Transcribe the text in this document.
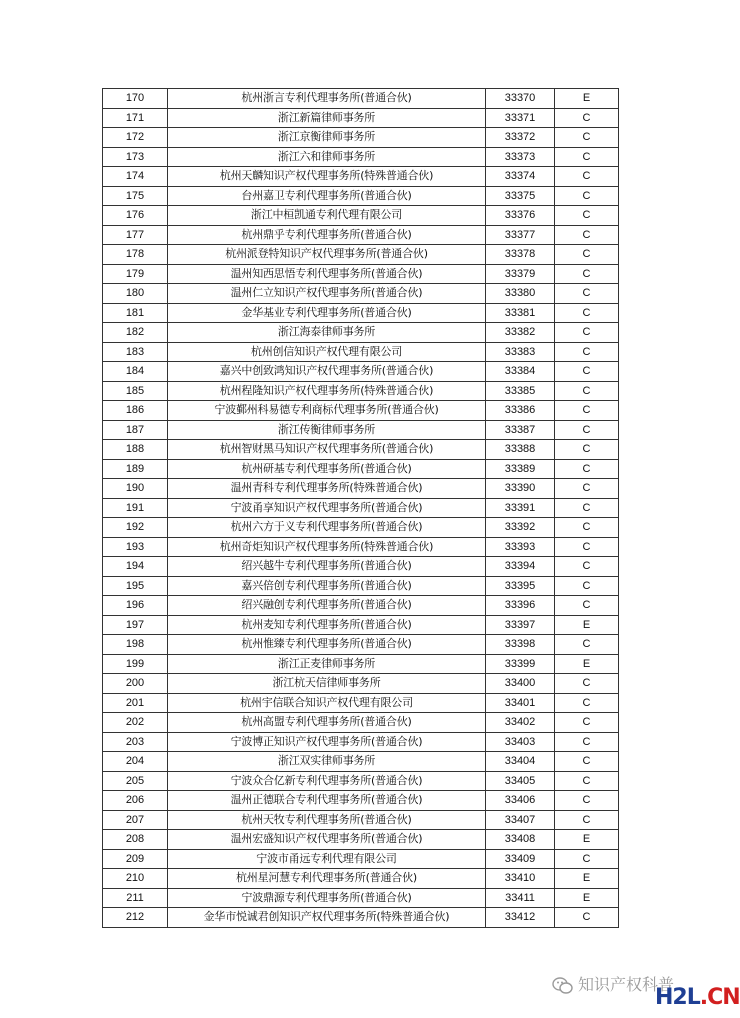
170	杭州浙言专利代理事务所(普通合伙)	33370	E
171	浙江新篇律师事务所	33371	C
172	浙江京衡律师事务所	33372	C
173	浙江六和律师事务所	33373	C
174	杭州天麟知识产权代理事务所(特殊普通合伙)	33374	C
175	台州嘉卫专利代理事务所(普通合伙)	33375	C
176	浙江中桓凯通专利代理有限公司	33376	C
177	杭州鼎乎专利代理事务所(普通合伙)	33377	C
178	杭州派登特知识产权代理事务所(普通合伙)	33378	C
179	温州知西思悟专利代理事务所(普通合伙)	33379	C
180	温州仁立知识产权代理事务所(普通合伙)	33380	C
181	金华基业专利代理事务所(普通合伙)	33381	C
182	浙江海泰律师事务所	33382	C
183	杭州创信知识产权代理有限公司	33383	C
184	嘉兴中创致鸿知识产权代理事务所(普通合伙)	33384	C
185	杭州程隆知识产权代理事务所(特殊普通合伙)	33385	C
186	宁波鄞州科易德专利商标代理事务所(普通合伙)	33386	C
187	浙江传衡律师事务所	33387	C
188	杭州智财黑马知识产权代理事务所(普通合伙)	33388	C
189	杭州研基专利代理事务所(普通合伙)	33389	C
190	温州青科专利代理事务所(特殊普通合伙)	33390	C
191	宁波甬享知识产权代理事务所(普通合伙)	33391	C
192	杭州六方于义专利代理事务所(普通合伙)	33392	C
193	杭州奇炬知识产权代理事务所(特殊普通合伙)	33393	C
194	绍兴越牛专利代理事务所(普通合伙)	33394	C
195	嘉兴倍创专利代理事务所(普通合伙)	33395	C
196	绍兴融创专利代理事务所(普通合伙)	33396	C
197	杭州麦知专利代理事务所(普通合伙)	33397	E
198	杭州惟臻专利代理事务所(普通合伙)	33398	C
199	浙江正麦律师事务所	33399	E
200	浙江杭天信律师事务所	33400	C
201	杭州宇信联合知识产权代理有限公司	33401	C
202	杭州高盟专利代理事务所(普通合伙)	33402	C
203	宁波博正知识产权代理事务所(普通合伙)	33403	C
204	浙江双实律师事务所	33404	C
205	宁波众合亿新专利代理事务所(普通合伙)	33405	C
206	温州正德联合专利代理事务所(普通合伙)	33406	C
207	杭州天牧专利代理事务所(普通合伙)	33407	C
208	温州宏盛知识产权代理事务所(普通合伙)	33408	E
209	宁波市甬远专利代理有限公司	33409	C
210	杭州星河慧专利代理事务所(普通合伙)	33410	E
211	宁波鼎源专利代理事务所(普通合伙)	33411	E
212	金华市悦诚君创知识产权代理事务所(特殊普通合伙)	33412	C
知识产权科普
H2L.CN
